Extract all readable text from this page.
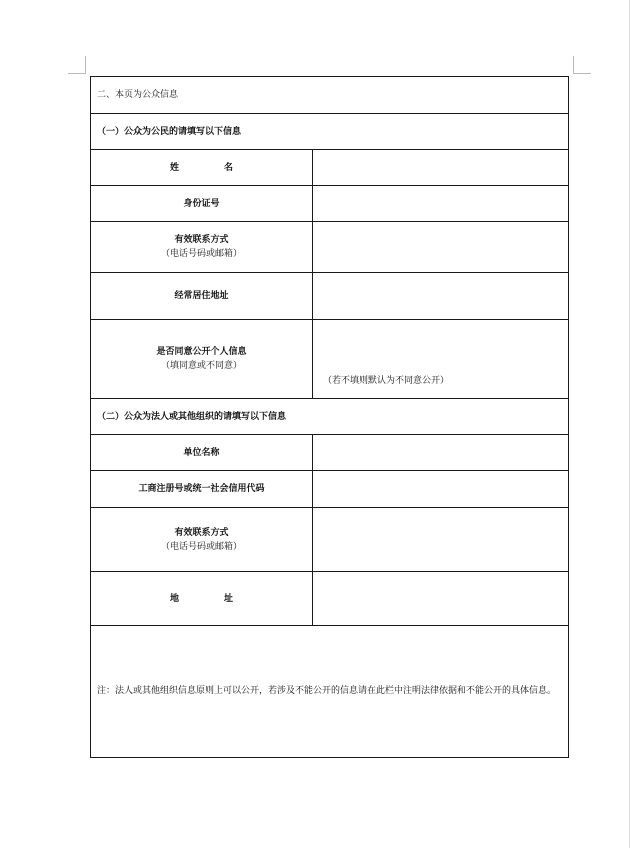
二、本页为公众信息	
（一）公众为公民的请填写以下信息	
姓　名	
身份证号	
有效联系方式
（电话号码或邮箱）	

经常居住地址	
是否同意公开个人信息
（填同意或不同意）	（若不填则默认为不同意公开）

（二）公众为法人或其他组织的请填写以下信息	
单位名称	
工商注册号或统一社会信用代码	
有效联系方式
（电话号码或邮箱）	

地　址	
注：法人或其他组织信息原则上可以公开，若涉及不能公开的信息请在此栏中注明法律依据和不能公开的具体信息。	
